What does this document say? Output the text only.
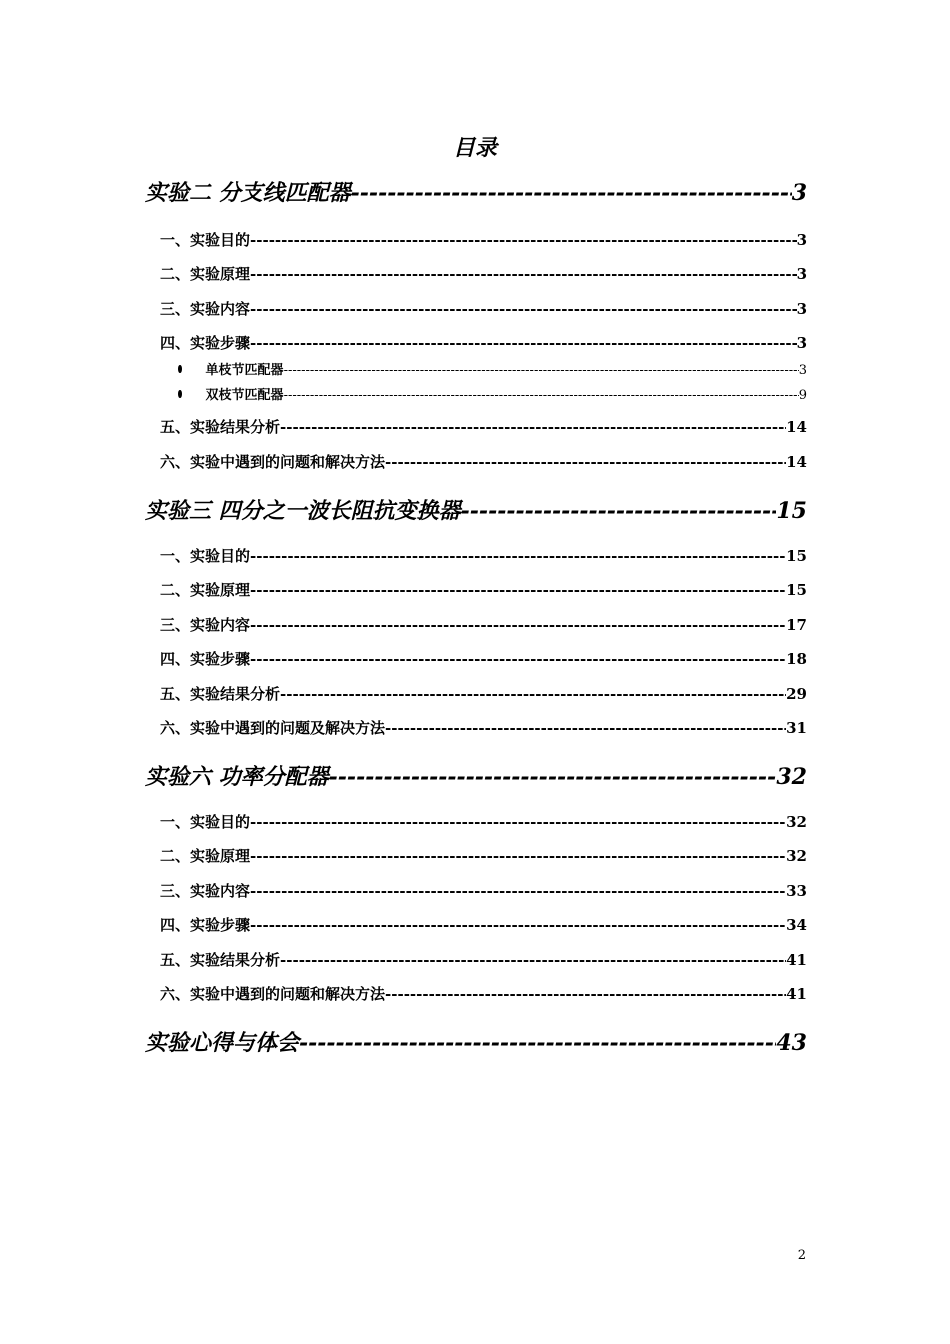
目录
实验二 分支线匹配器 -----	3
一、实验目的 -----	3
二、实验原理 -----	3
三、实验内容 -----	3
四、实验步骤 -----	3
单枝节匹配器 -----	3
双枝节匹配器 -----	9
五、实验结果分析 -----	14
六、实验中遇到的问题和解决方法 -----	14
实验三 四分之一波长阻抗变换器 -----	15
一、实验目的 -----	15
二、实验原理 -----	15
三、实验内容 -----	17
四、实验步骤 -----	18
五、实验结果分析 -----	29
六、实验中遇到的问题及解决方法 -----	31
实验六 功率分配器 -----	32
一、实验目的 -----	32
二、实验原理 -----	32
三、实验内容 -----	33
四、实验步骤 -----	34
五、实验结果分析 -----	41
六、实验中遇到的问题和解决方法 -----	41
实验心得与体会 -----	43
2
